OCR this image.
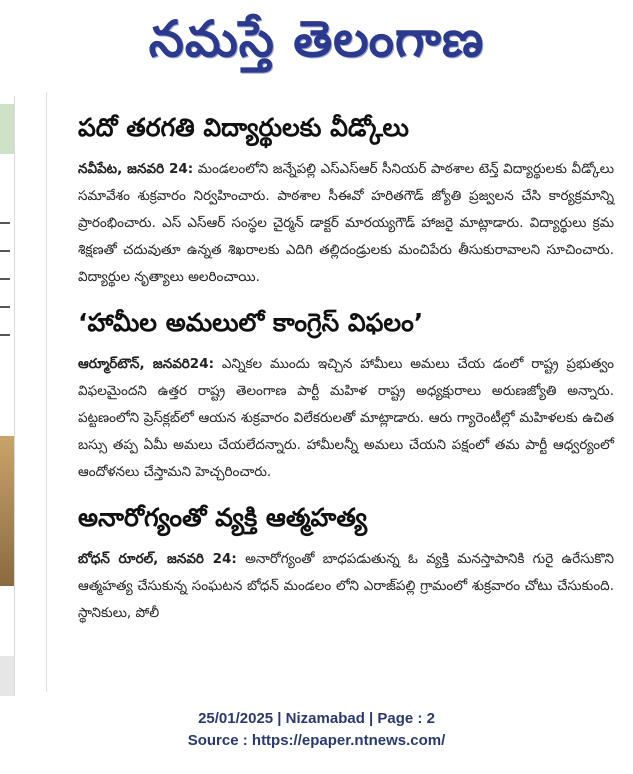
నమస్తే తెలంగాణ
పదో తరగతి విద్యార్థులకు వీడ్కోలు

నవీపేట, జనవరి 24: మండలంలోని జన్నేపల్లి ఎస్ఎస్ఆర్ సీనియర్ పాఠశాల టెన్త్ విద్యార్థులకు వీడ్కోలు సమావేశం శుక్రవారం నిర్వహించారు. పాఠశాల సీఈవో హరితగౌడ్ జ్యోతి ప్రజ్వలన చేసి కార్యక్రమాన్ని ప్రారంభించారు. ఎస్ ఎస్ఆర్ సంస్థల చైర్మన్ డాక్టర్ మారయ్యగౌడ్ హాజరై మాట్లాడారు. విద్యార్థులు క్రమ శిక్షణతో చదువుతూ ఉన్నత శిఖరాలకు ఎదిగి తల్లిదండ్రులకు మంచిపేరు తీసుకురావాలని సూచించారు. విద్యార్థుల నృత్యాలు అలరించాయి.

‘హామీల అమలులో కాంగ్రెస్ విఫలం’

ఆర్మూర్‌టౌన్, జనవరి24: ఎన్నికల ముందు ఇచ్చిన హామీలు అమలు చేయ డంలో రాష్ట్ర ప్రభుత్వం విఫలమైందని ఉత్తర రాష్ట్ర తెలంగాణ పార్టీ మహిళ రాష్ట్ర అధ్యక్షురాలు అరుణజ్యోతి అన్నారు. పట్టణంలోని ప్రెస్‌క్లబ్‌లో ఆయన శుక్రవారం విలేకరులతో మాట్లాడారు. ఆరు గ్యారెంటీల్లో మహిళలకు ఉచిత బస్సు తప్ప ఏమీ అమలు చేయలేదన్నారు. హామీలన్నీ అమలు చేయని పక్షంలో తమ పార్టీ ఆధ్వర్యంలో ఆందోళనలు చేస్తామని హెచ్చరించారు.

అనారోగ్యంతో వ్యక్తి ఆత్మహత్య

బోధన్ రూరల్, జనవరి 24: అనారోగ్యంతో బాధపడుతున్న ఓ వ్యక్తి మనస్తాపానికి గురై ఉరేసుకొని ఆత్మహత్య చేసుకున్న సంఘటన బోధన్ మండలం లోని ఎరాజ్‌పల్లి గ్రామంలో శుక్రవారం చోటు చేసుకుంది. స్థానికులు, పోలీ

25/01/2025 | Nizamabad | Page : 2
Source : https://epaper.ntnews.com/
